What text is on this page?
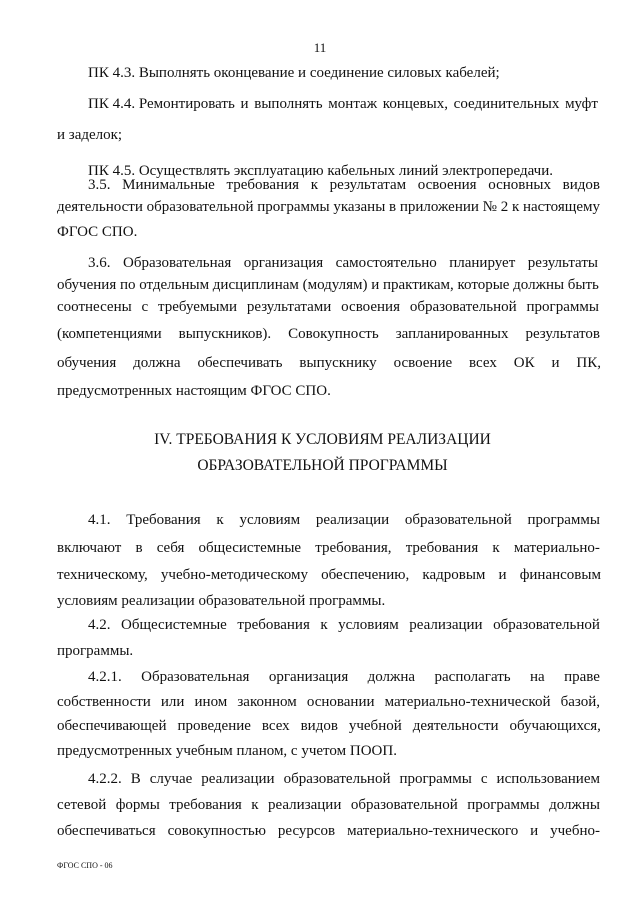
11
ПК 4.3. Выполнять оконцевание и соединение силовых кабелей;
ПК 4.4. Ремонтировать и выполнять монтаж концевых, соединительных муфт
и заделок;
ПК 4.5. Осуществлять эксплуатацию кабельных линий электропередачи.
3.5. Минимальные требования к результатам освоения основных видов
деятельности образовательной программы указаны в приложении № 2 к настоящему
ФГОС СПО.
3.6. Образовательная организация самостоятельно планирует результаты
обучения по отдельным дисциплинам (модулям) и практикам, которые должны быть
соотнесены с требуемыми результатами освоения образовательной программы
(компетенциями выпускников). Совокупность запланированных результатов
обучения должна обеспечивать выпускнику освоение всех ОК и ПК,
предусмотренных настоящим ФГОС СПО.
IV. ТРЕБОВАНИЯ К УСЛОВИЯМ РЕАЛИЗАЦИИ
ОБРАЗОВАТЕЛЬНОЙ ПРОГРАММЫ
4.1. Требования к условиям реализации образовательной программы
включают в себя общесистемные требования, требования к материально-
техническому, учебно-методическому обеспечению, кадровым и финансовым
условиям реализации образовательной программы.
4.2. Общесистемные требования к условиям реализации образовательной
программы.
4.2.1. Образовательная организация должна располагать на праве
собственности или ином законном основании материально-технической базой,
обеспечивающей проведение всех видов учебной деятельности обучающихся,
предусмотренных учебным планом, с учетом ПООП.
4.2.2. В случае реализации образовательной программы с использованием
сетевой формы требования к реализации образовательной программы должны
обеспечиваться совокупностью ресурсов материально-технического и учебно-
ФГОС СПО - 06
